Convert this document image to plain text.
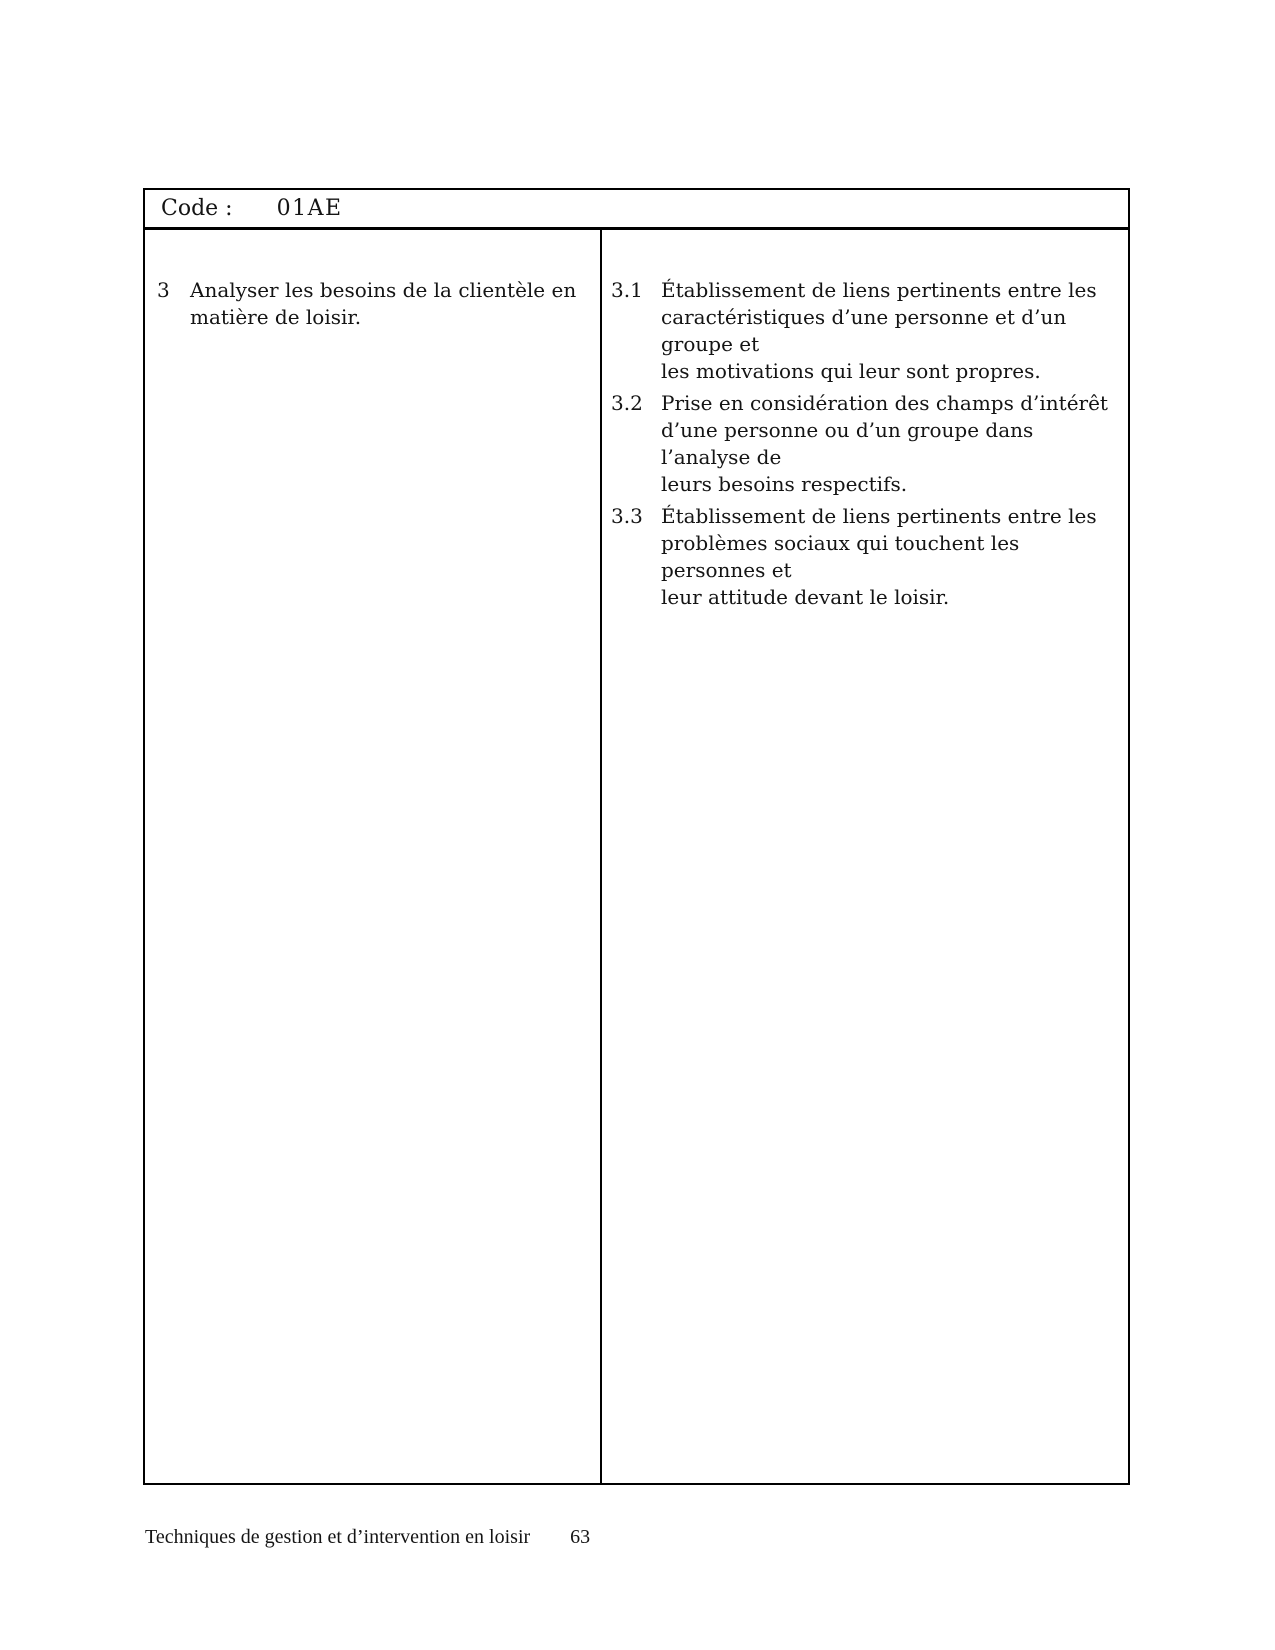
Code : 01AE
3	Analyser les besoins de la clientèle en
matière de loisir.
3.1 Établissement de liens pertinents entre les
caractéristiques d’une personne et d’un groupe et
les motivations qui leur sont propres.
3.2 Prise en considération des champs d’intérêt
d’une personne ou d’un groupe dans l’analyse de
leurs besoins respectifs.
3.3 Établissement de liens pertinents entre les
problèmes sociaux qui touchent les personnes et
leur attitude devant le loisir.
Techniques de gestion et d’intervention en loisir 63
